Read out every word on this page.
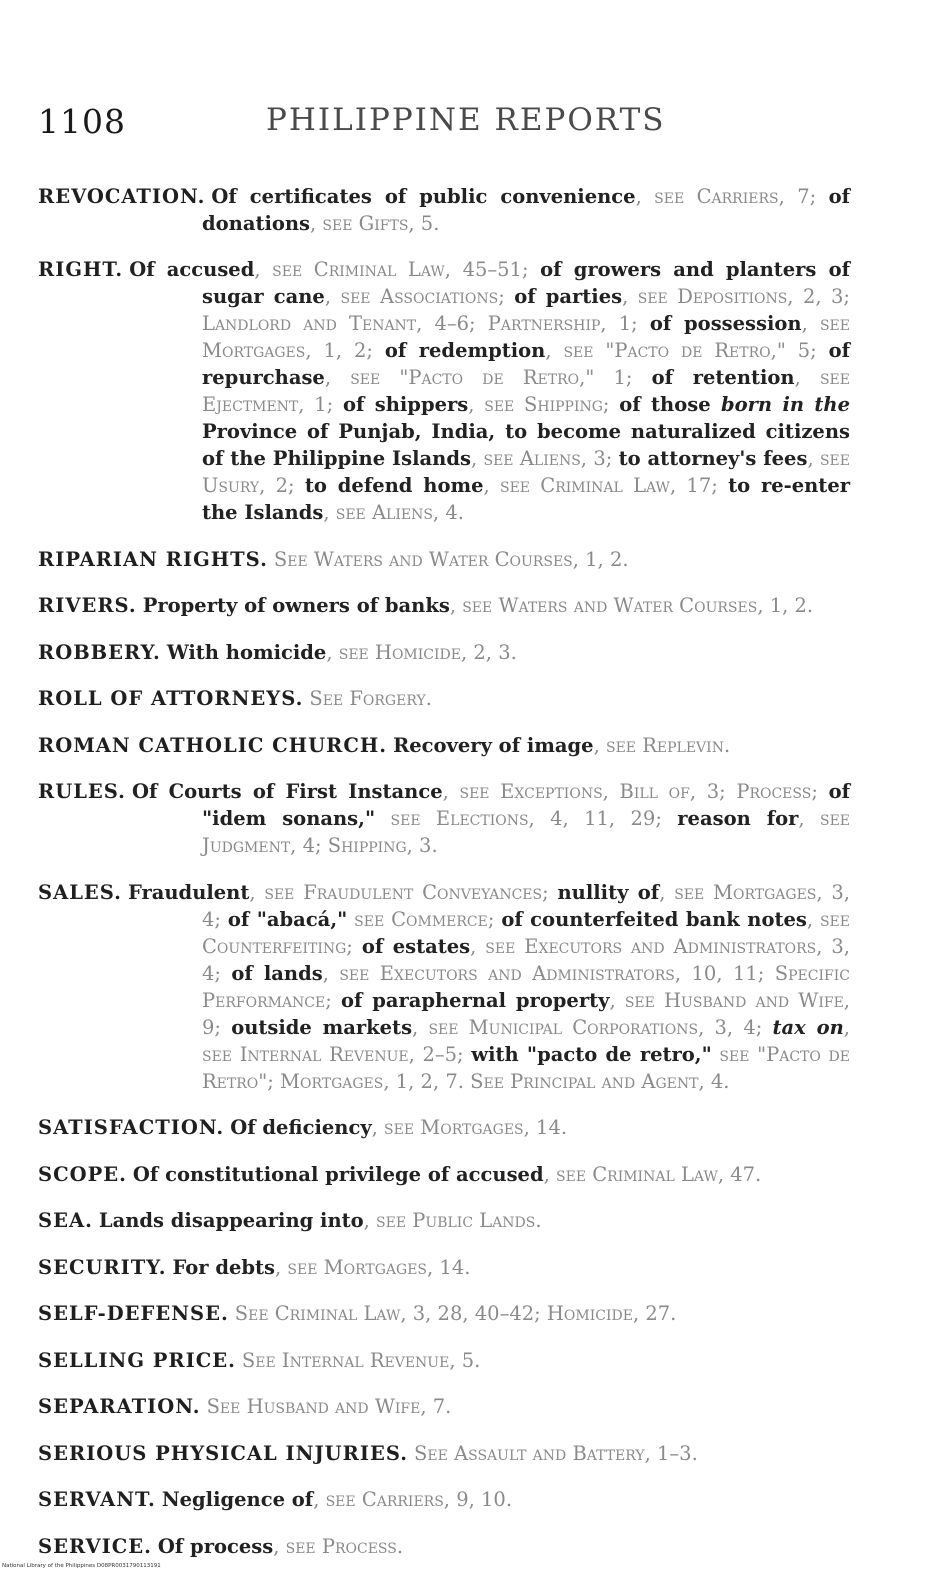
1108	PHILIPPINE REPORTS

REVOCATION. Of certificates of public convenience, see Carriers, 7; of donations, see Gifts, 5.

RIGHT. Of accused, see Criminal Law, 45–51; of growers and planters of sugar cane, see Associations; of parties, see Depositions, 2, 3; Landlord and Tenant, 4–6; Partnership, 1; of possession, see Mortgages, 1, 2; of redemption, see "Pacto de Retro," 5; of repurchase, see "Pacto de Retro," 1; of retention, see Ejectment, 1; of shippers, see Shipping; of those born in the Province of Punjab, India, to become naturalized citizens of the Philippine Islands, see Aliens, 3; to attorney's fees, see Usury, 2; to defend home, see Criminal Law, 17; to re-enter the Islands, see Aliens, 4.

RIPARIAN RIGHTS. See Waters and Water Courses, 1, 2.

RIVERS. Property of owners of banks, see Waters and Water Courses, 1, 2.

ROBBERY. With homicide, see Homicide, 2, 3.

ROLL OF ATTORNEYS. See Forgery.

ROMAN CATHOLIC CHURCH. Recovery of image, see Replevin.

RULES. Of Courts of First Instance, see Exceptions, Bill of, 3; Process; of "idem sonans," see Elections, 4, 11, 29; reason for, see Judgment, 4; Shipping, 3.

SALES. Fraudulent, see Fraudulent Conveyances; nullity of, see Mortgages, 3, 4; of "abacá," see Commerce; of counterfeited bank notes, see Counterfeiting; of estates, see Executors and Administrators, 3, 4; of lands, see Executors and Administrators, 10, 11; Specific Performance; of paraphernal property, see Husband and Wife, 9; outside markets, see Municipal Corporations, 3, 4; tax on, see Internal Revenue, 2–5; with "pacto de retro," see "Pacto de Retro"; Mortgages, 1, 2, 7. See Principal and Agent, 4.

SATISFACTION. Of deficiency, see Mortgages, 14.

SCOPE. Of constitutional privilege of accused, see Criminal Law, 47.

SEA. Lands disappearing into, see Public Lands.

SECURITY. For debts, see Mortgages, 14.

SELF-DEFENSE. See Criminal Law, 3, 28, 40–42; Homicide, 27.

SELLING PRICE. See Internal Revenue, 5.

SEPARATION. See Husband and Wife, 7.

SERIOUS PHYSICAL INJURIES. See Assault and Battery, 1–3.

SERVANT. Negligence of, see Carriers, 9, 10.

SERVICE. Of process, see Process.

National Library of the Philippines D08PR0031790113191
